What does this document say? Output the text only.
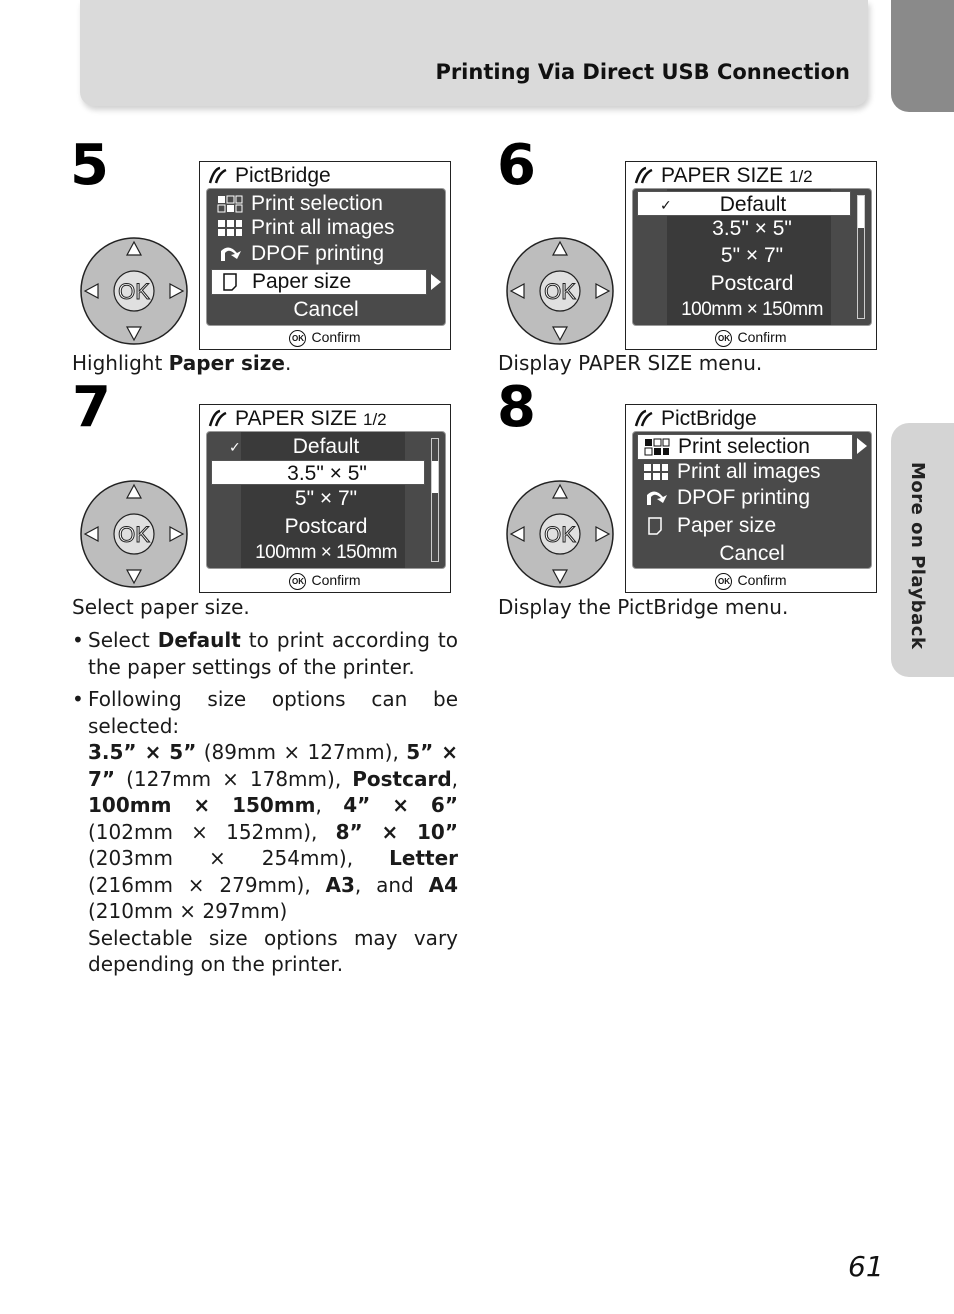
Printing Via Direct USB Connection
More on Playback
5
OK
PictBridge
Print selection
Print all images
DPOF printing
Paper size
Cancel
OK Confirm
Highlight Paper size.
6
OK
PAPER SIZE 1/2
✓	Default
3.5" × 5"
5" × 7"
Postcard
100mm × 150mm
OK Confirm
Display PAPER SIZE menu.
7
OK
PAPER SIZE 1/2
✓	Default
3.5" × 5"
5" × 7"
Postcard
100mm × 150mm
OK Confirm
Select paper size.
• Select Default to print according to the paper settings of the printer.
• Following size options can be selected:
3.5” × 5” (89mm × 127mm), 5” × 7” (127mm × 178mm), Postcard, 100mm × 150mm, 4” × 6” (102mm × 152mm), 8” × 10” (203mm × 254mm), Letter (216mm × 279mm), A3, and A4 (210mm × 297mm)
Selectable size options may vary depending on the printer.
8
OK
PictBridge
Print selection
Print all images
DPOF printing
Paper size
Cancel
OK Confirm
Display the PictBridge menu.
61
